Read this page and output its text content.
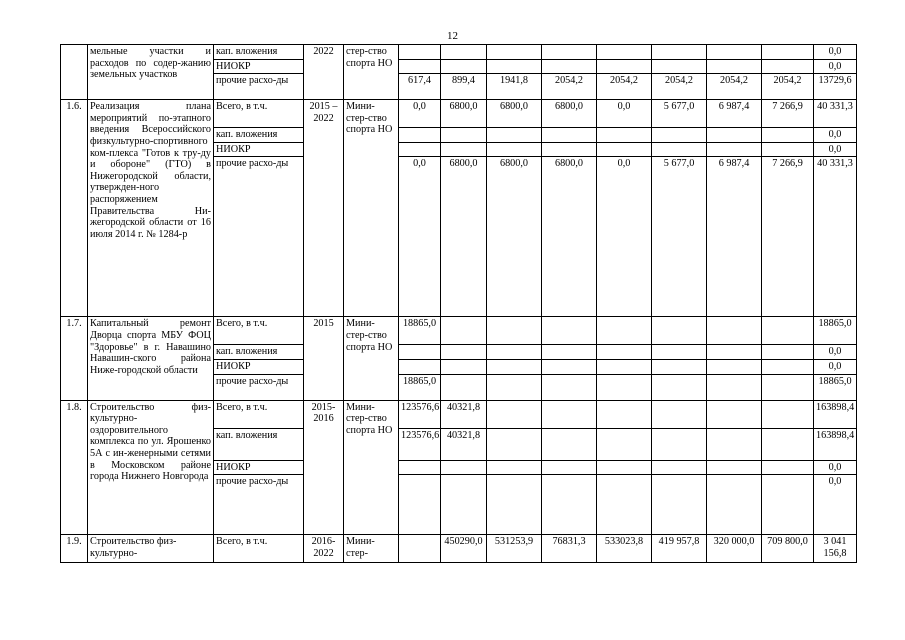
12
	мельные участки и расходов по содер-жанию земельных участков	кап. вложения	2022	стер-ство спорта НО									0,0
		НИОКР											0,0
		прочие расхо-ды			617,4	899,4	1941,8	2054,2	2054,2	2054,2	2054,2	2054,2	13729,6
1.6.	Реализация плана мероприятий по-этапного введения Всероссийского физкультурно-спортивного ком-плекса "Готов к тру-ду и обороне" (ГТО) в Нижегородской области, утвержден-ного распоряжением Правительства Ни-жегородской области от 16 июля 2014 г. № 1284-р	Всего, в т.ч.	2015 – 2022	Мини-стер-ство спорта НО	0,0	6800,0	6800,0	6800,0	0,0	5 677,0	6 987,4	7 266,9	40 331,3
		кап. вложения											0,0
		НИОКР											0,0
		прочие расхо-ды			0,0	6800,0	6800,0	6800,0	0,0	5 677,0	6 987,4	7 266,9	40 331,3
1.7.	Капитальный ремонт Дворца спорта МБУ ФОЦ "Здоровье" в г. Навашино Навашин-ского района Ниже-городской области	Всего, в т.ч.	2015	Мини-стер-ство спорта НО	18865,0								18865,0
		кап. вложения											0,0
		НИОКР											0,0
		прочие расхо-ды			18865,0								18865,0
1.8.	Строительство физ-культурно-оздоровительного комплекса по ул. Ярошенко 5А с ин-женерными сетями в Московском районе города Нижнего Новгорода	Всего, в т.ч.	2015-2016	Мини-стер-ство спорта НО	123576,6	40321,8							163898,4
		кап. вложения			123576,6	40321,8							163898,4
		НИОКР											0,0
		прочие расхо-ды											0,0
1.9.	Строительство физ-культурно-	Всего, в т.ч.	2016-2022	Мини-стер-		450290,0	531253,9	76831,3	533023,8	419 957,8	320 000,0	709 800,0	3 041 156,8
